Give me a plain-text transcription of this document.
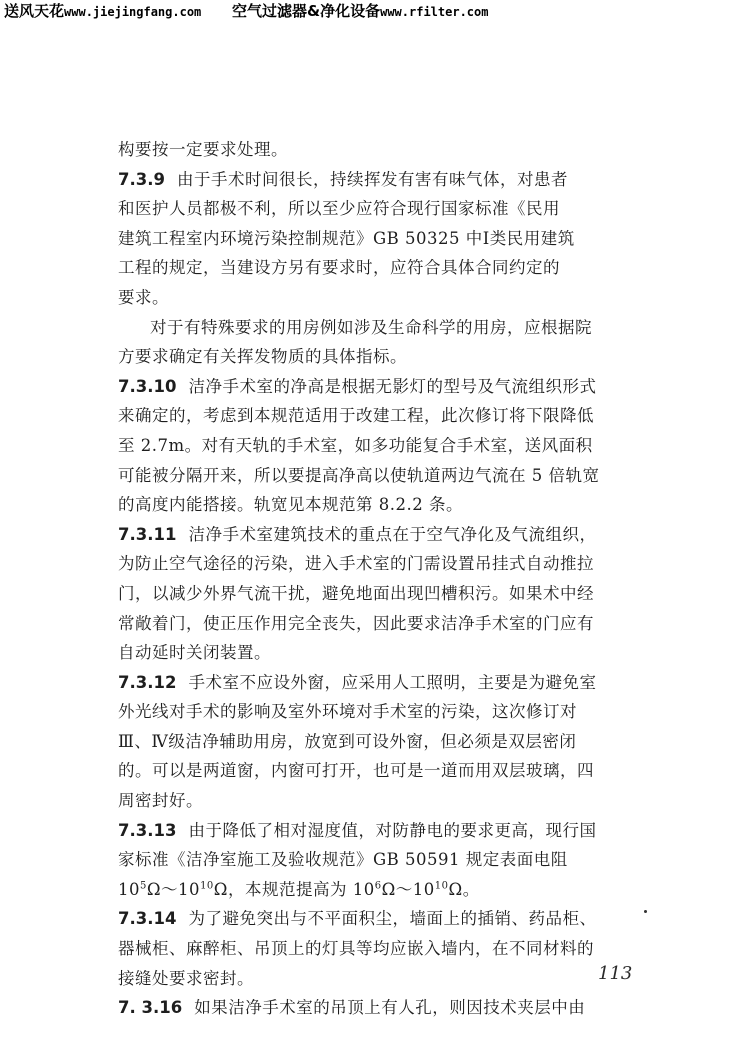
送风天花www.jiejingfang.com 空气过滤器&净化设备www.rfilter.com
构要按一定要求处理。
7.3.9 由于手术时间很长，持续挥发有害有味气体，对患者
和医护人员都极不利，所以至少应符合现行国家标准《民用
建筑工程室内环境污染控制规范》GB 50325 中Ⅰ类民用建筑
工程的规定，当建设方另有要求时，应符合具体合同约定的
要求。
对于有特殊要求的用房例如涉及生命科学的用房，应根据院
方要求确定有关挥发物质的具体指标。
7.3.10 洁净手术室的净高是根据无影灯的型号及气流组织形式
来确定的，考虑到本规范适用于改建工程，此次修订将下限降低
至 2.7m。对有天轨的手术室，如多功能复合手术室，送风面积
可能被分隔开来，所以要提高净高以使轨道两边气流在 5 倍轨宽
的高度内能搭接。轨宽见本规范第 8.2.2 条。
7.3.11 洁净手术室建筑技术的重点在于空气净化及气流组织，
为防止空气途径的污染，进入手术室的门需设置吊挂式自动推拉
门，以减少外界气流干扰，避免地面出现凹槽积污。如果术中经
常敞着门，使正压作用完全丧失，因此要求洁净手术室的门应有
自动延时关闭装置。
7.3.12 手术室不应设外窗，应采用人工照明，主要是为避免室
外光线对手术的影响及室外环境对手术室的污染，这次修订对
Ⅲ、Ⅳ级洁净辅助用房，放宽到可设外窗，但必须是双层密闭
的。可以是两道窗，内窗可打开，也可是一道而用双层玻璃，四
周密封好。
7.3.13 由于降低了相对湿度值，对防静电的要求更高，现行国
家标准《洁净室施工及验收规范》GB 50591 规定表面电阻
$10^5\Omega\sim 10^{10}\Omega$，本规范提高为 $10^6\Omega\sim 10^{10}\Omega$。
7.3.14 为了避免突出与不平面积尘，墙面上的插销、药品柜、
器械柜、麻醉柜、吊顶上的灯具等均应嵌入墙内，在不同材料的
接缝处要求密封。
7. 3.16 如果洁净手术室的吊顶上有人孔，则因技术夹层中由
113
